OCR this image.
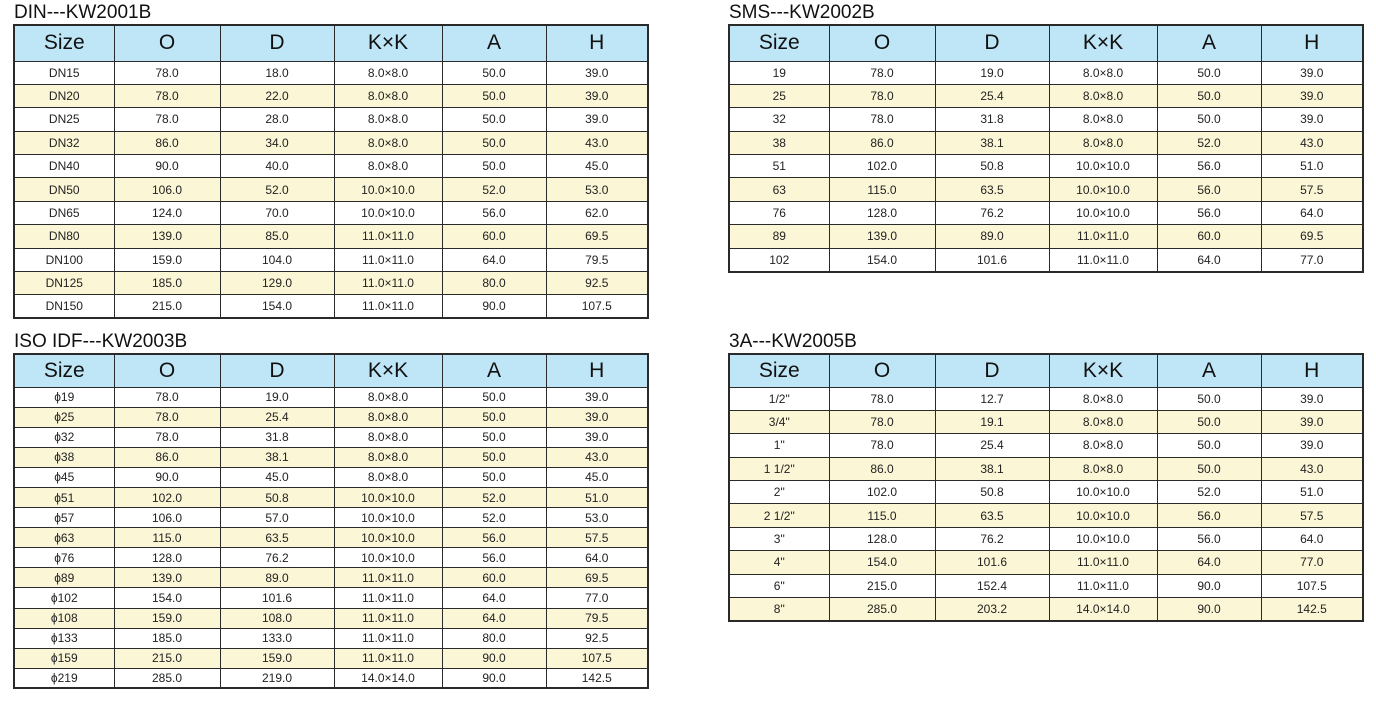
DIN---KW2001B
Size	O	D	K×K	A	H
DN15	78.0	18.0	8.0×8.0	50.0	39.0
DN20	78.0	22.0	8.0×8.0	50.0	39.0
DN25	78.0	28.0	8.0×8.0	50.0	39.0
DN32	86.0	34.0	8.0×8.0	50.0	43.0
DN40	90.0	40.0	8.0×8.0	50.0	45.0
DN50	106.0	52.0	10.0×10.0	52.0	53.0
DN65	124.0	70.0	10.0×10.0	56.0	62.0
DN80	139.0	85.0	11.0×11.0	60.0	69.5
DN100	159.0	104.0	11.0×11.0	64.0	79.5
DN125	185.0	129.0	11.0×11.0	80.0	92.5
DN150	215.0	154.0	11.0×11.0	90.0	107.5
SMS---KW2002B
Size	O	D	K×K	A	H
19	78.0	19.0	8.0×8.0	50.0	39.0
25	78.0	25.4	8.0×8.0	50.0	39.0
32	78.0	31.8	8.0×8.0	50.0	39.0
38	86.0	38.1	8.0×8.0	52.0	43.0
51	102.0	50.8	10.0×10.0	56.0	51.0
63	115.0	63.5	10.0×10.0	56.0	57.5
76	128.0	76.2	10.0×10.0	56.0	64.0
89	139.0	89.0	11.0×11.0	60.0	69.5
102	154.0	101.6	11.0×11.0	64.0	77.0
ISO IDF---KW2003B
Size	O	D	K×K	A	H
ϕ19	78.0	19.0	8.0×8.0	50.0	39.0
ϕ25	78.0	25.4	8.0×8.0	50.0	39.0
ϕ32	78.0	31.8	8.0×8.0	50.0	39.0
ϕ38	86.0	38.1	8.0×8.0	50.0	43.0
ϕ45	90.0	45.0	8.0×8.0	50.0	45.0
ϕ51	102.0	50.8	10.0×10.0	52.0	51.0
ϕ57	106.0	57.0	10.0×10.0	52.0	53.0
ϕ63	115.0	63.5	10.0×10.0	56.0	57.5
ϕ76	128.0	76.2	10.0×10.0	56.0	64.0
ϕ89	139.0	89.0	11.0×11.0	60.0	69.5
ϕ102	154.0	101.6	11.0×11.0	64.0	77.0
ϕ108	159.0	108.0	11.0×11.0	64.0	79.5
ϕ133	185.0	133.0	11.0×11.0	80.0	92.5
ϕ159	215.0	159.0	11.0×11.0	90.0	107.5
ϕ219	285.0	219.0	14.0×14.0	90.0	142.5
3A---KW2005B
Size	O	D	K×K	A	H
1/2"	78.0	12.7	8.0×8.0	50.0	39.0
3/4"	78.0	19.1	8.0×8.0	50.0	39.0
1"	78.0	25.4	8.0×8.0	50.0	39.0
1 1/2"	86.0	38.1	8.0×8.0	50.0	43.0
2"	102.0	50.8	10.0×10.0	52.0	51.0
2 1/2"	115.0	63.5	10.0×10.0	56.0	57.5
3"	128.0	76.2	10.0×10.0	56.0	64.0
4"	154.0	101.6	11.0×11.0	64.0	77.0
6"	215.0	152.4	11.0×11.0	90.0	107.5
8"	285.0	203.2	14.0×14.0	90.0	142.5
